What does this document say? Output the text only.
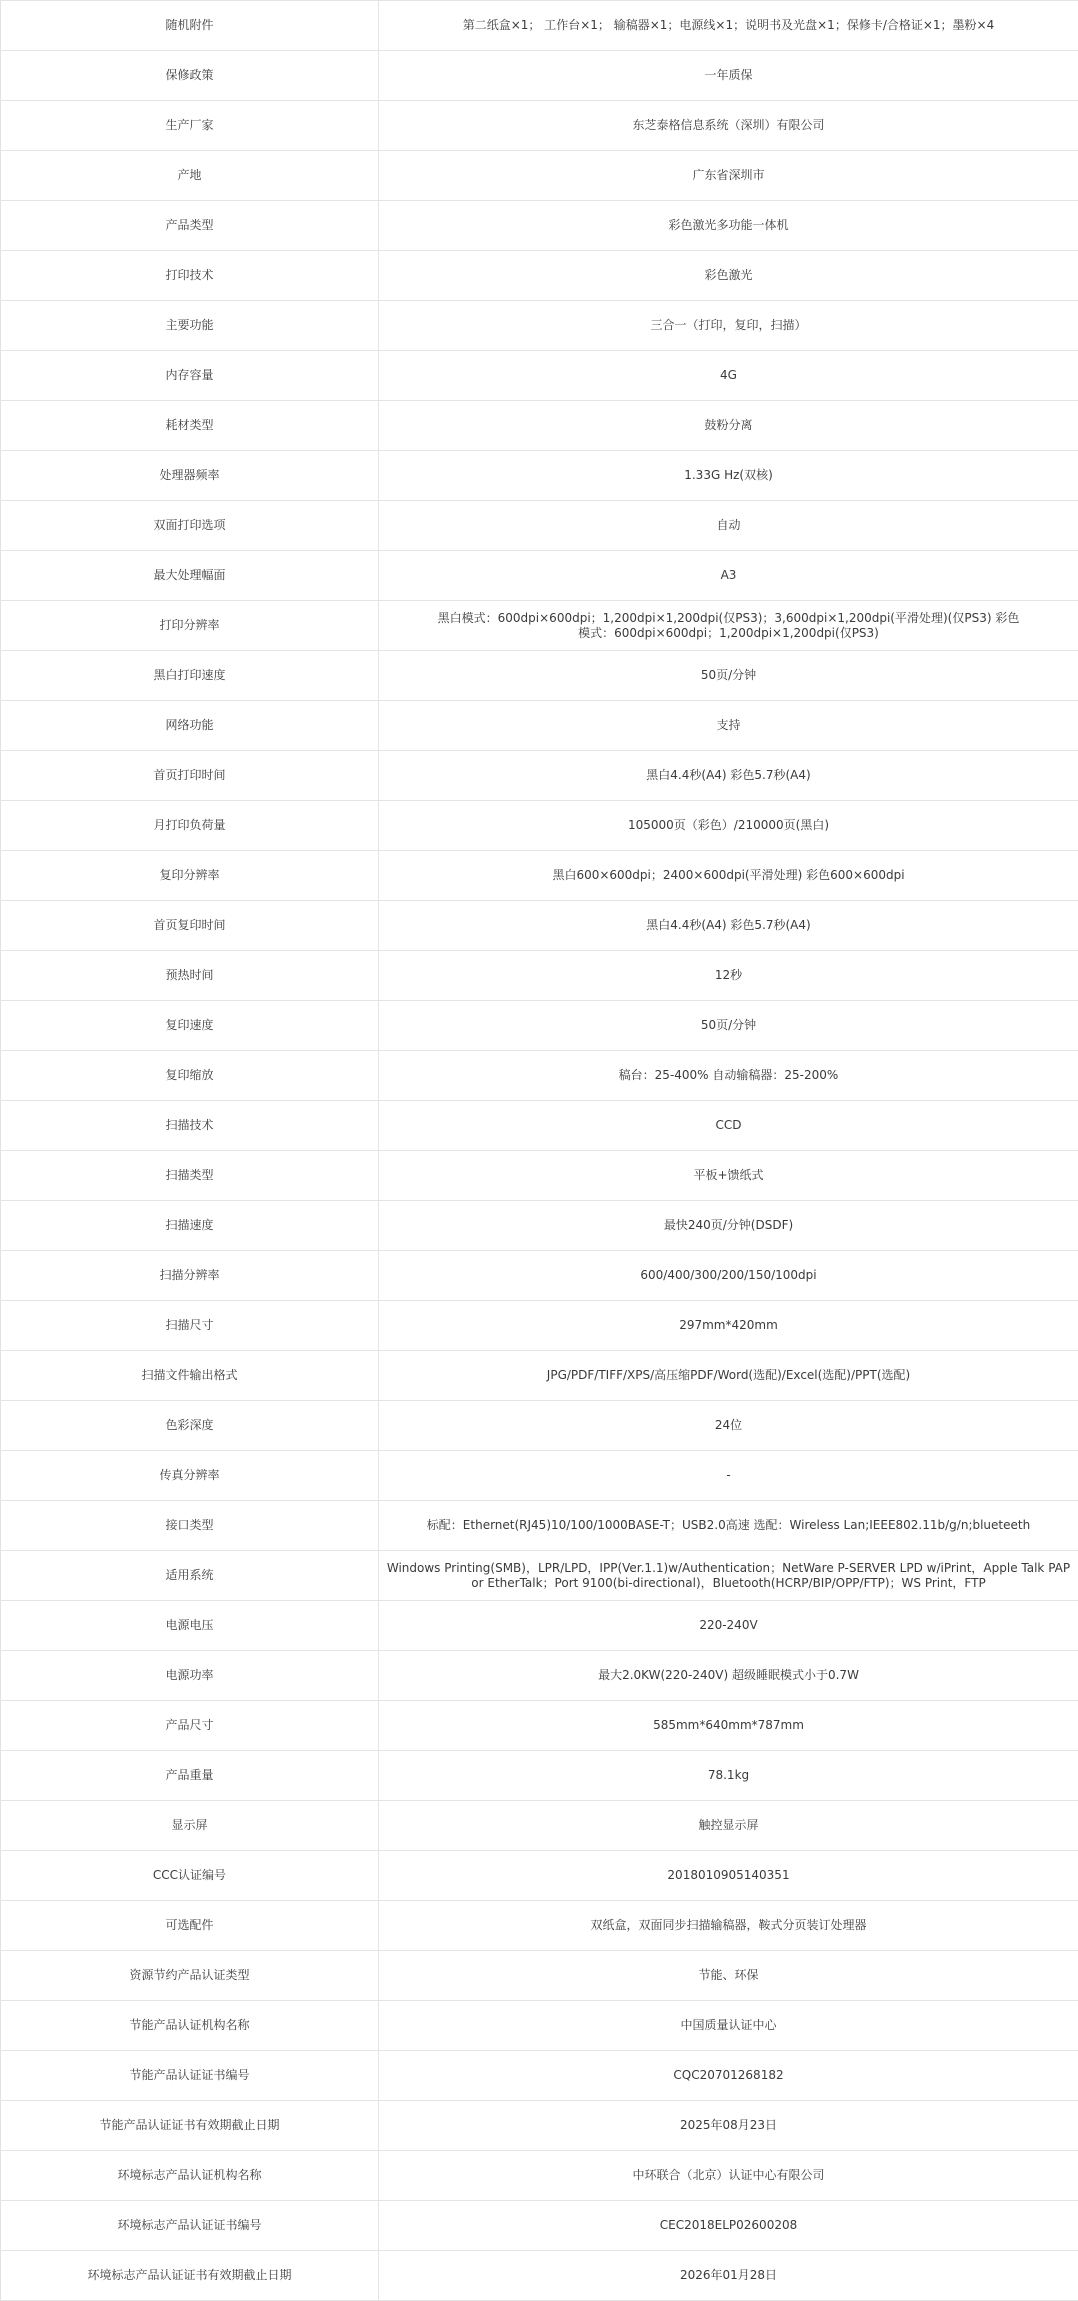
随机附件	第二纸盒×1； 工作台×1； 输稿器×1；电源线×1；说明书及光盘×1；保修卡/合格证×1；墨粉×4
保修政策	一年质保
生产厂家	东芝泰格信息系统（深圳）有限公司
产地	广东省深圳市
产品类型	彩色激光多功能一体机
打印技术	彩色激光
主要功能	三合一（打印，复印，扫描）
内存容量	4G
耗材类型	鼓粉分离
处理器频率	1.33G Hz(双核)
双面打印选项	自动
最大处理幅面	A3
打印分辨率	黑白模式：600dpi×600dpi；1,200dpi×1,200dpi(仅PS3)；3,600dpi×1,200dpi(平滑处理)(仅PS3) 彩色模式：600dpi×600dpi；1,200dpi×1,200dpi(仅PS3)
黑白打印速度	50页/分钟
网络功能	支持
首页打印时间	黑白4.4秒(A4) 彩色5.7秒(A4)
月打印负荷量	105000页（彩色）/210000页(黑白)
复印分辨率	黑白600×600dpi；2400×600dpi(平滑处理) 彩色600×600dpi
首页复印时间	黑白4.4秒(A4) 彩色5.7秒(A4)
预热时间	12秒
复印速度	50页/分钟
复印缩放	稿台：25-400% 自动输稿器：25-200%
扫描技术	CCD
扫描类型	平板+馈纸式
扫描速度	最快240页/分钟(DSDF)
扫描分辨率	600/400/300/200/150/100dpi
扫描尺寸	297mm*420mm
扫描文件输出格式	JPG/PDF/TIFF/XPS/高压缩PDF/Word(选配)/Excel(选配)/PPT(选配)
色彩深度	24位
传真分辨率	-
接口类型	标配：Ethernet(RJ45)10/100/1000BASE-T；USB2.0高速 选配：Wireless Lan;IEEE802.11b/g/n;blueteeth
适用系统	Windows Printing(SMB)，LPR/LPD，IPP(Ver.1.1)w/Authentication；NetWare P-SERVER LPD w/iPrint，Apple Talk PAP or EtherTalk；Port 9100(bi-directional)，Bluetooth(HCRP/BIP/OPP/FTP)；WS Print，FTP
电源电压	220-240V
电源功率	最大2.0KW(220-240V) 超级睡眠模式小于0.7W
产品尺寸	585mm*640mm*787mm
产品重量	78.1kg
显示屏	触控显示屏
CCC认证编号	2018010905140351
可选配件	双纸盒，双面同步扫描输稿器，鞍式分页装订处理器
资源节约产品认证类型	节能、环保
节能产品认证机构名称	中国质量认证中心
节能产品认证证书编号	CQC20701268182
节能产品认证证书有效期截止日期	2025年08月23日
环境标志产品认证机构名称	中环联合（北京）认证中心有限公司
环境标志产品认证证书编号	CEC2018ELP02600208
环境标志产品认证证书有效期截止日期	2026年01月28日
